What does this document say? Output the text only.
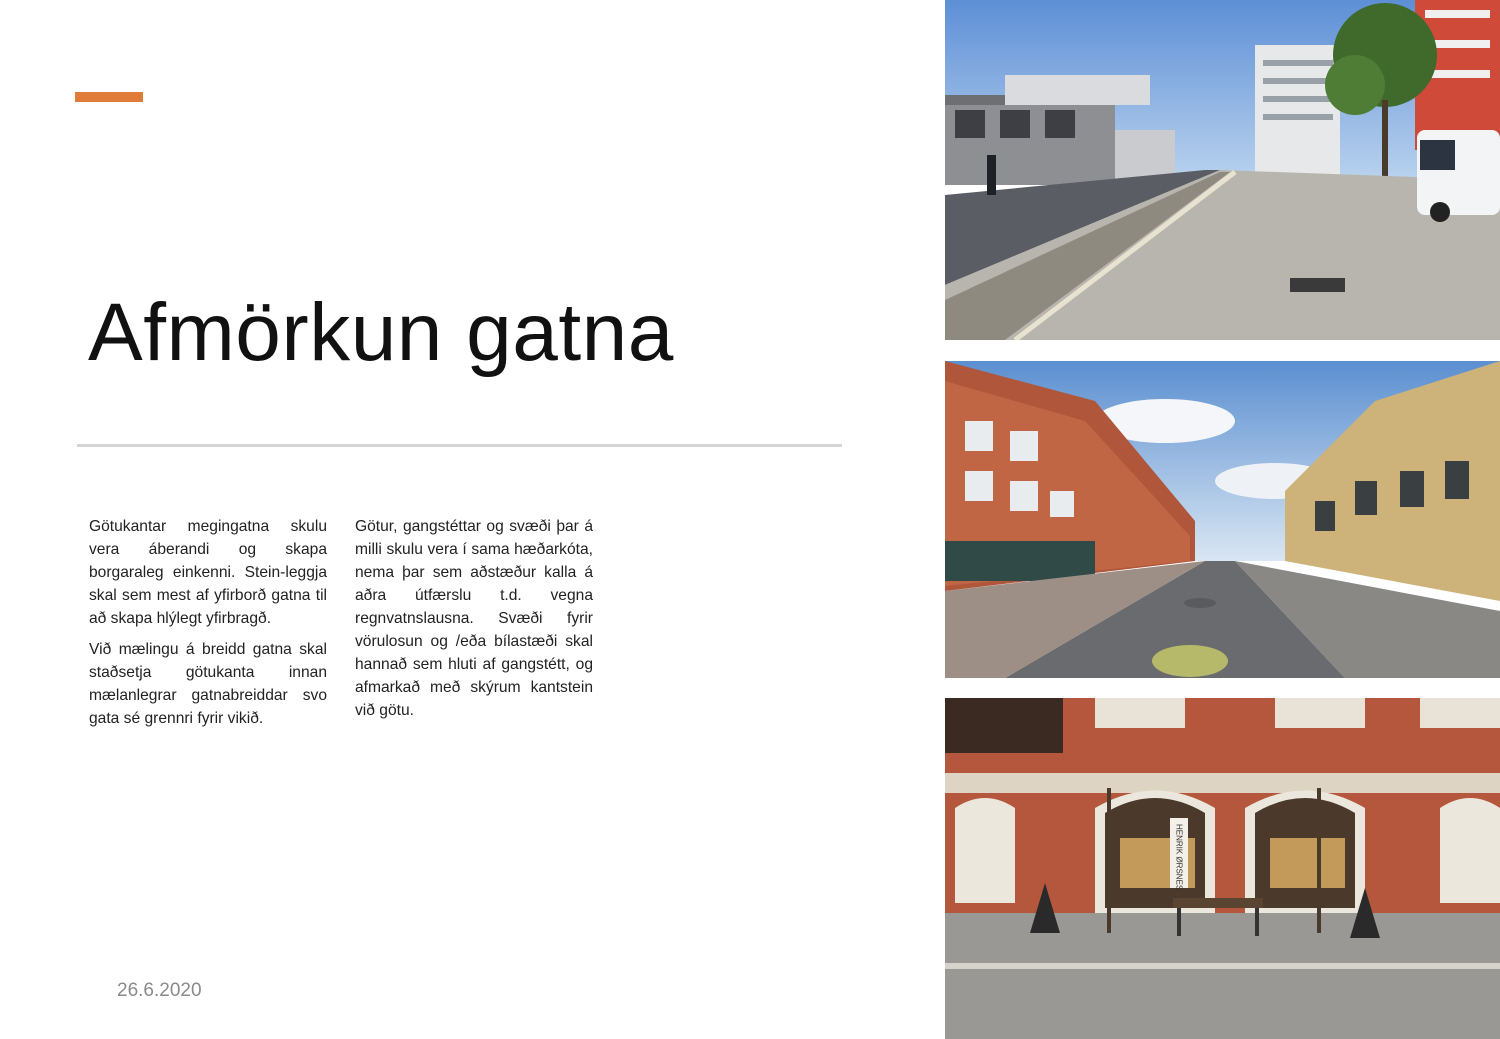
Afmörkun gatna

Götukantar megingatna skulu vera áberandi og skapa borgaraleg einkenni. Stein-leggja skal sem mest af yfirborð gatna til að skapa hlýlegt yfirbragð.

Við mælingu á breidd gatna skal staðsetja götukanta innan mælanlegrar gatnabreiddar svo gata sé grennri fyrir vikið.

Götur, gangstéttar og svæði þar á milli skulu vera í sama hæðarkóta, nema þar sem aðstæður kalla á aðra útfærslu t.d. vegna regnvatnslausna. Svæði fyrir vörulosun og /eða bílastæði skal hannað sem hluti af gangstétt, og afmarkað með skýrum kantstein við götu.

26.6.2020
HENRIK ØRSNES
